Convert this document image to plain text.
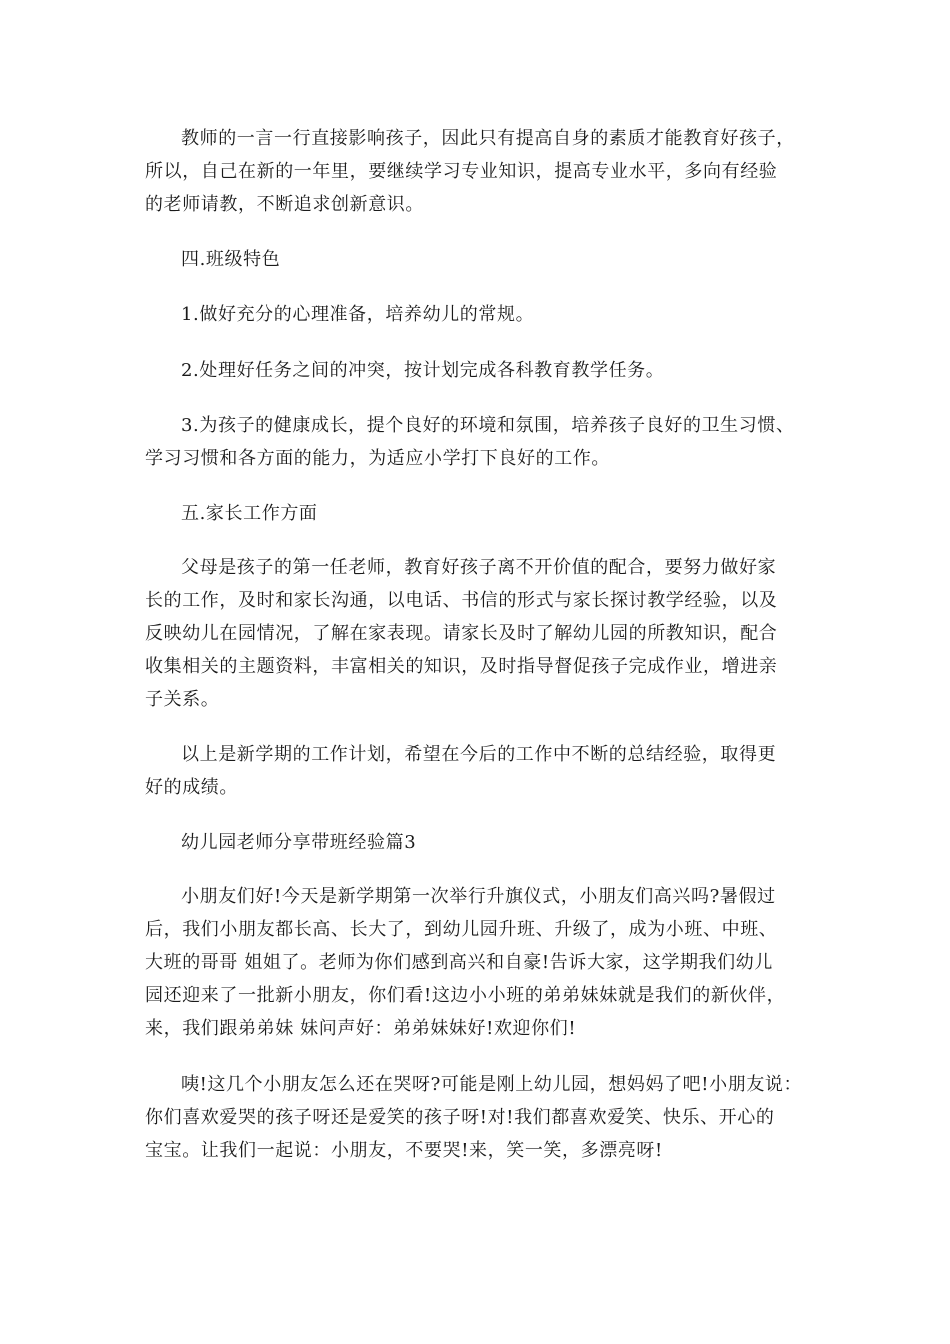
教师的一言一行直接影响孩子，因此只有提高自身的素质才能教育好孩子，
所以，自己在新的一年里，要继续学习专业知识，提高专业水平，多向有经验
的老师请教，不断追求创新意识。
四.班级特色
1.做好充分的心理准备，培养幼儿的常规。
2.处理好任务之间的冲突，按计划完成各科教育教学任务。
3.为孩子的健康成长，提个良好的环境和氛围，培养孩子良好的卫生习惯、
学习习惯和各方面的能力，为适应小学打下良好的工作。
五.家长工作方面
父母是孩子的第一任老师，教育好孩子离不开价值的配合，要努力做好家
长的工作，及时和家长沟通，以电话、书信的形式与家长探讨教学经验，以及
反映幼儿在园情况，了解在家表现。请家长及时了解幼儿园的所教知识，配合
收集相关的主题资料，丰富相关的知识，及时指导督促孩子完成作业，增进亲
子关系。
以上是新学期的工作计划，希望在今后的工作中不断的总结经验，取得更
好的成绩。
幼儿园老师分享带班经验篇3
小朋友们好!今天是新学期第一次举行升旗仪式，小朋友们高兴吗?暑假过
后，我们小朋友都长高、长大了，到幼儿园升班、升级了，成为小班、中班、
大班的哥哥 姐姐了。老师为你们感到高兴和自豪!告诉大家，这学期我们幼儿
园还迎来了一批新小朋友，你们看!这边小小班的弟弟妹妹就是我们的新伙伴，
来，我们跟弟弟妹 妹问声好：弟弟妹妹好!欢迎你们!
咦!这几个小朋友怎么还在哭呀?可能是刚上幼儿园，想妈妈了吧!小朋友说：
你们喜欢爱哭的孩子呀还是爱笑的孩子呀!对!我们都喜欢爱笑、快乐、开心的
宝宝。让我们一起说：小朋友，不要哭!来，笑一笑，多漂亮呀!
